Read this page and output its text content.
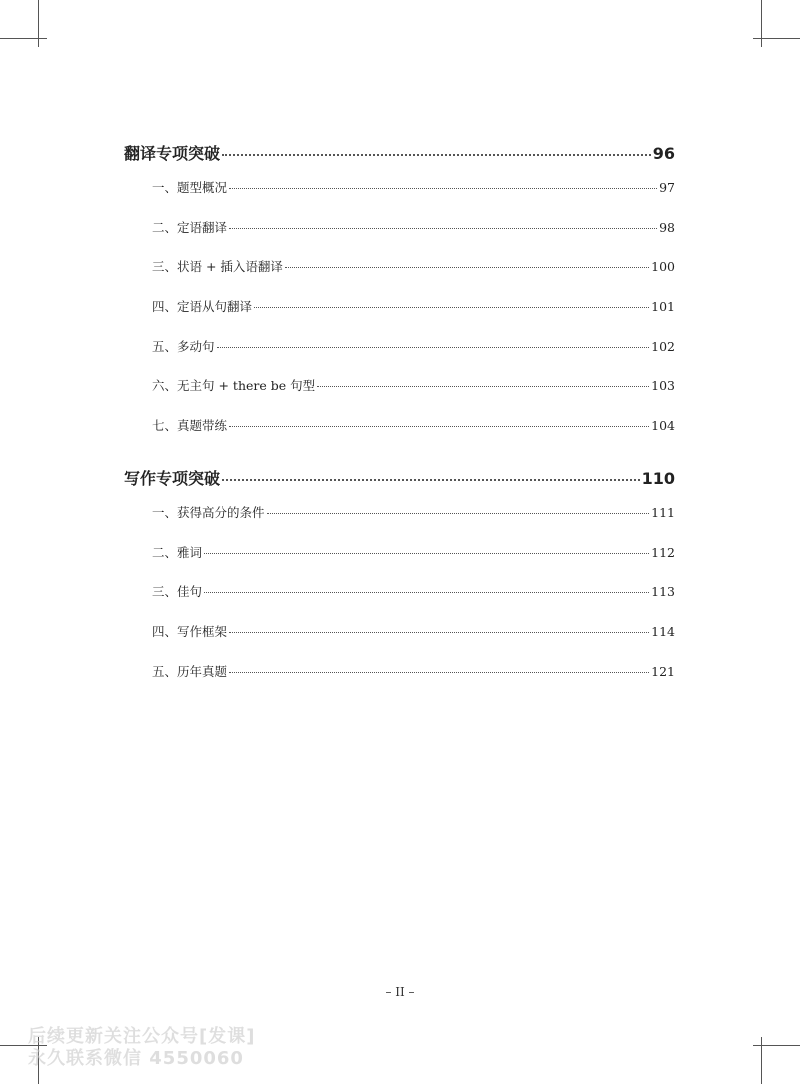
翻译专项突破	96
一、题型概况	97
二、定语翻译	98
三、状语 + 插入语翻译	100
四、定语从句翻译	101
五、多动句	102
六、无主句 + there be 句型	103
七、真题带练	104
写作专项突破	110
一、获得高分的条件	111
二、雅词	112
三、佳句	113
四、写作框架	114
五、历年真题	121
– II –
后续更新关注公众号[发课]
永久联系微信 4550060
